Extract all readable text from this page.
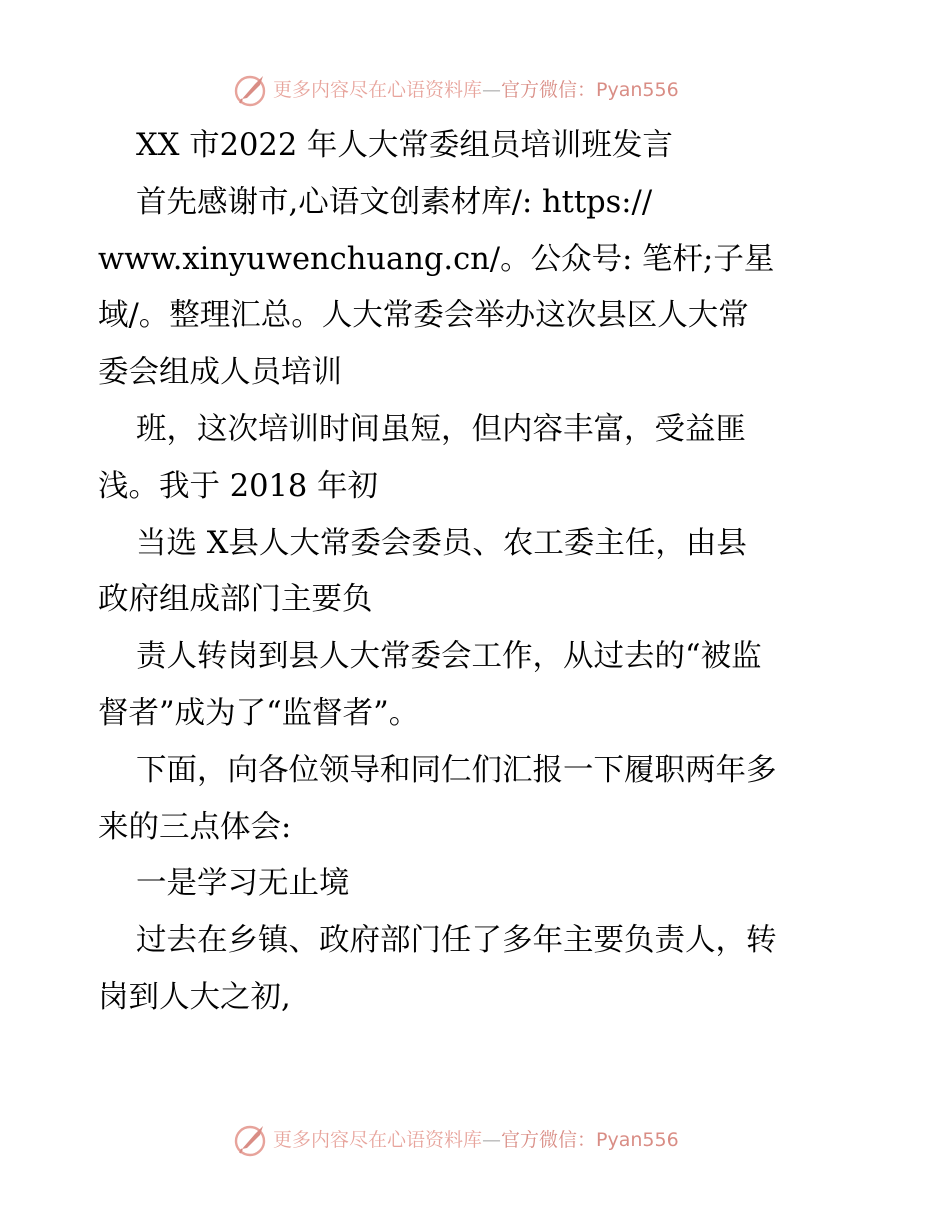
更多内容尽在心语资料库—官方微信：Pyan556
XX 市2022 年人大常委组员培训班发言
首先感谢市,心语文创素材库/: https://
www.xinyuwenchuang.cn/。公众号: 笔杆;子星
域/。整理汇总。人大常委会举办这次县区人大常
委会组成人员培训
班，这次培训时间虽短，但内容丰富，受益匪
浅。我于 2018 年初
当选 X县人大常委会委员、农工委主任，由县
政府组成部门主要负
责人转岗到县人大常委会工作，从过去的“被监
督者”成为了“监督者”。
下面，向各位领导和同仁们汇报一下履职两年多
来的三点体会:
一是学习无止境
过去在乡镇、政府部门任了多年主要负责人，转
岗到人大之初,
更多内容尽在心语资料库—官方微信：Pyan556
